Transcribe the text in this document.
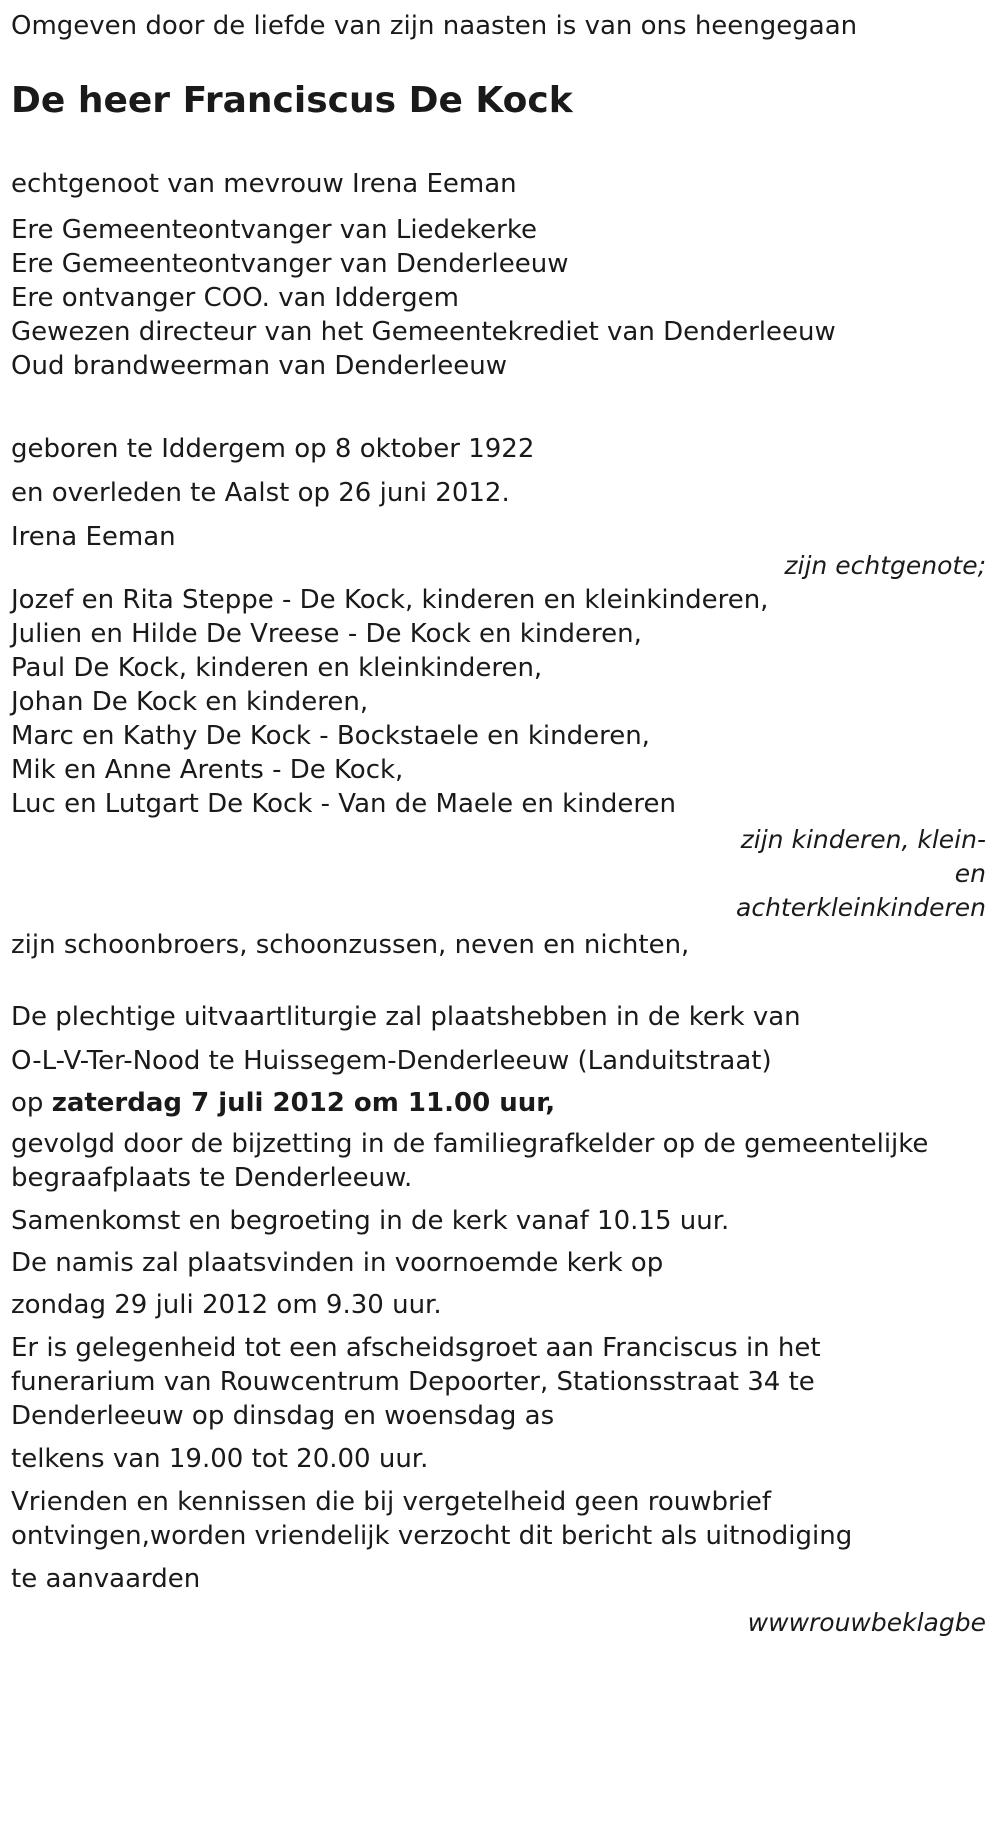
Omgeven door de liefde van zijn naasten is van ons heengegaan

De heer Franciscus De Kock

echtgenoot van mevrouw Irena Eeman

Ere Gemeenteontvanger van Liedekerke

Ere Gemeenteontvanger van Denderleeuw

Ere ontvanger COO. van Iddergem

Gewezen directeur van het Gemeentekrediet van Denderleeuw

Oud brandweerman van Denderleeuw

geboren te Iddergem op 8 oktober 1922

en overleden te Aalst op 26 juni 2012.

Irena Eeman

zijn echtgenote;

Jozef en Rita Steppe - De Kock, kinderen en kleinkinderen,

Julien en Hilde De Vreese - De Kock en kinderen,

Paul De Kock, kinderen en kleinkinderen,

Johan De Kock en kinderen,

Marc en Kathy De Kock - Bockstaele en kinderen,

Mik en Anne Arents - De Kock,

Luc en Lutgart De Kock - Van de Maele en kinderen

zijn kinderen, klein-

en

achterkleinkinderen

zijn schoonbroers, schoonzussen, neven en nichten,

De plechtige uitvaartliturgie zal plaatshebben in de kerk van

O-L-V-Ter-Nood te Huissegem-Denderleeuw (Landuitstraat)

op zaterdag 7 juli 2012 om 11.00 uur,

gevolgd door de bijzetting in de familiegrafkelder op de gemeentelijke

begraafplaats te Denderleeuw.

Samenkomst en begroeting in de kerk vanaf 10.15 uur.

De namis zal plaatsvinden in voornoemde kerk op

zondag 29 juli 2012 om 9.30 uur.

Er is gelegenheid tot een afscheidsgroet aan Franciscus in het

funerarium van Rouwcentrum Depoorter, Stationsstraat 34 te

Denderleeuw op dinsdag en woensdag as

telkens van 19.00 tot 20.00 uur.

Vrienden en kennissen die bij vergetelheid geen rouwbrief

ontvingen,worden vriendelijk verzocht dit bericht als uitnodiging

te aanvaarden

wwwrouwbeklagbe
